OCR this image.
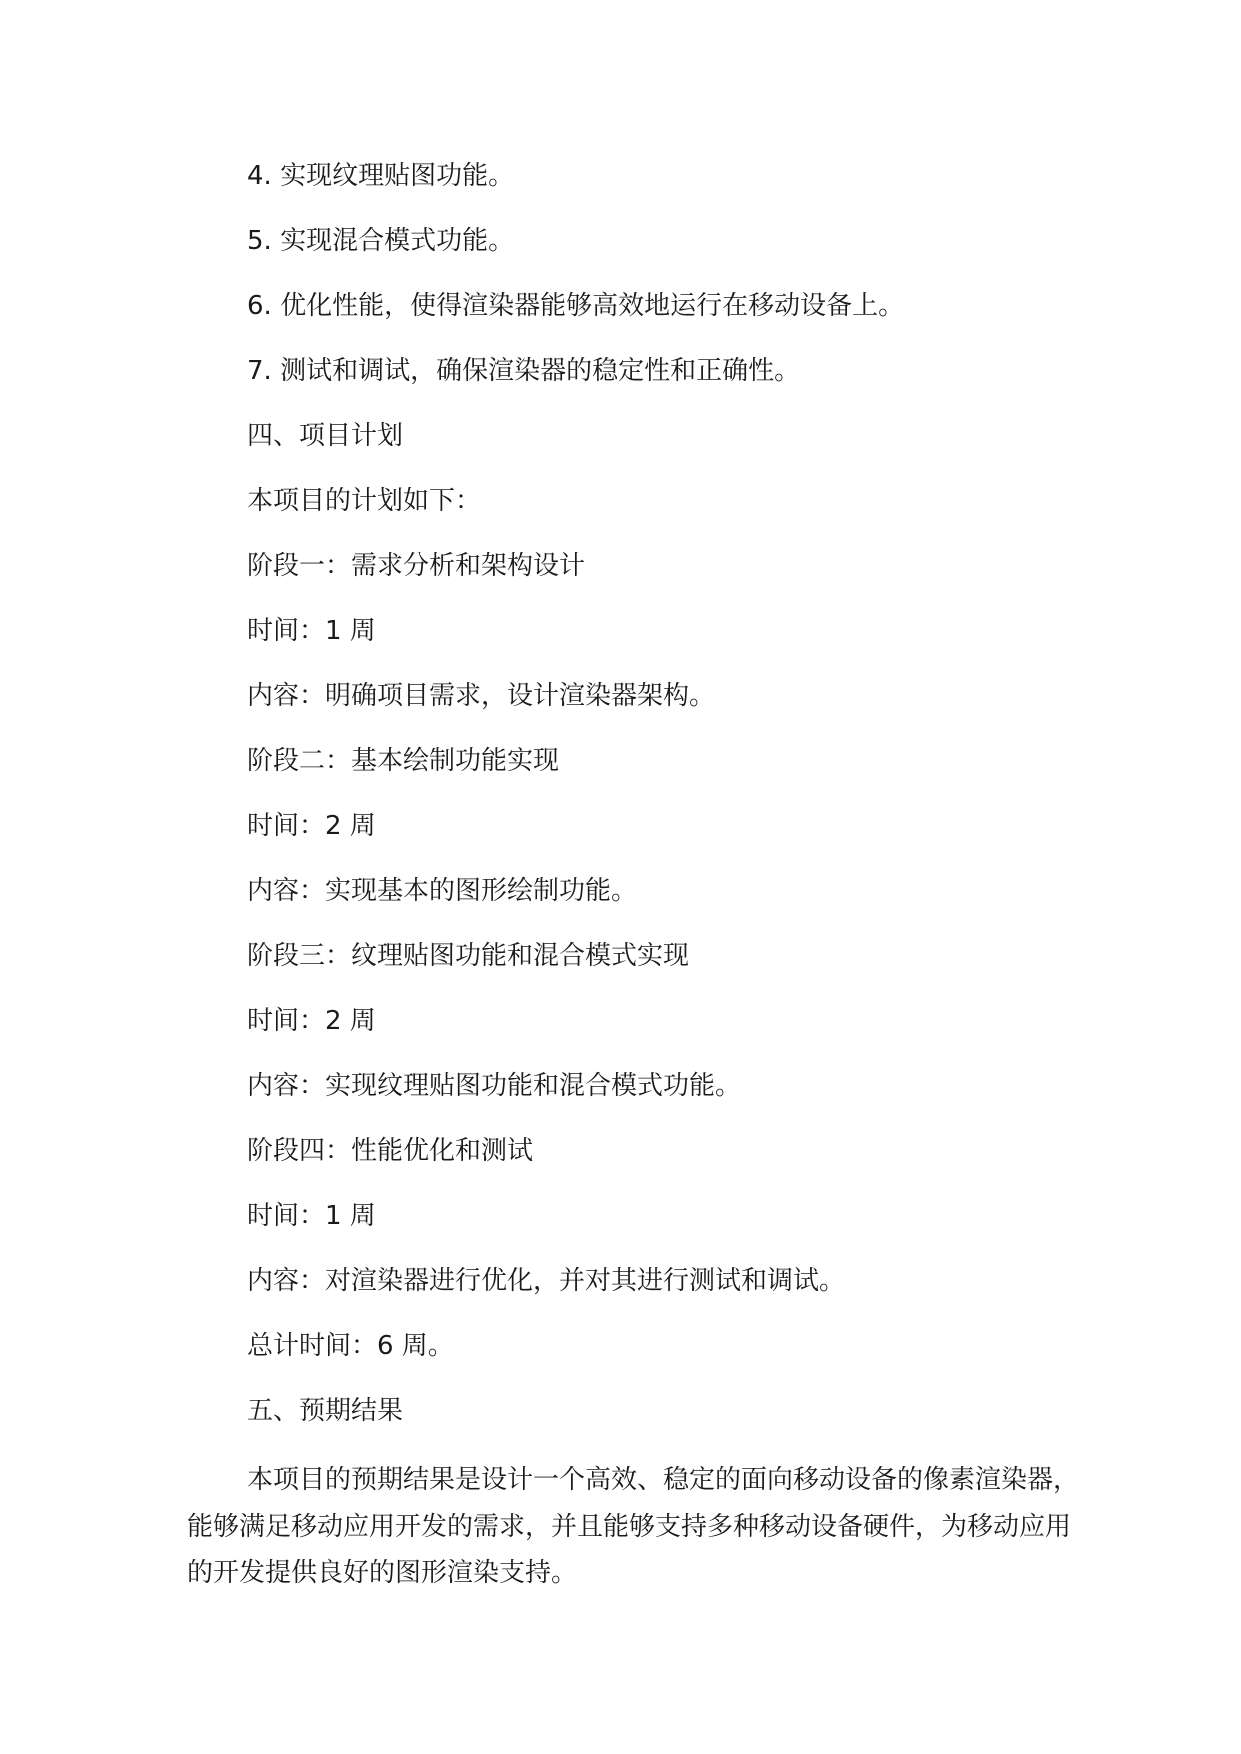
4. 实现纹理贴图功能。

5. 实现混合模式功能。

6. 优化性能，使得渲染器能够高效地运行在移动设备上。

7. 测试和调试，确保渲染器的稳定性和正确性。

四、项目计划

本项目的计划如下：

阶段一：需求分析和架构设计

时间：1 周

内容：明确项目需求，设计渲染器架构。

阶段二：基本绘制功能实现

时间：2 周

内容：实现基本的图形绘制功能。

阶段三：纹理贴图功能和混合模式实现

时间：2 周

内容：实现纹理贴图功能和混合模式功能。

阶段四：性能优化和测试

时间：1 周

内容：对渲染器进行优化，并对其进行测试和调试。

总计时间：6 周。

五、预期结果

本项目的预期结果是设计一个高效、稳定的面向移动设备的像素渲染器，能够满足移动应用开发的需求，并且能够支持多种移动设备硬件，为移动应用的开发提供良好的图形渲染支持。
